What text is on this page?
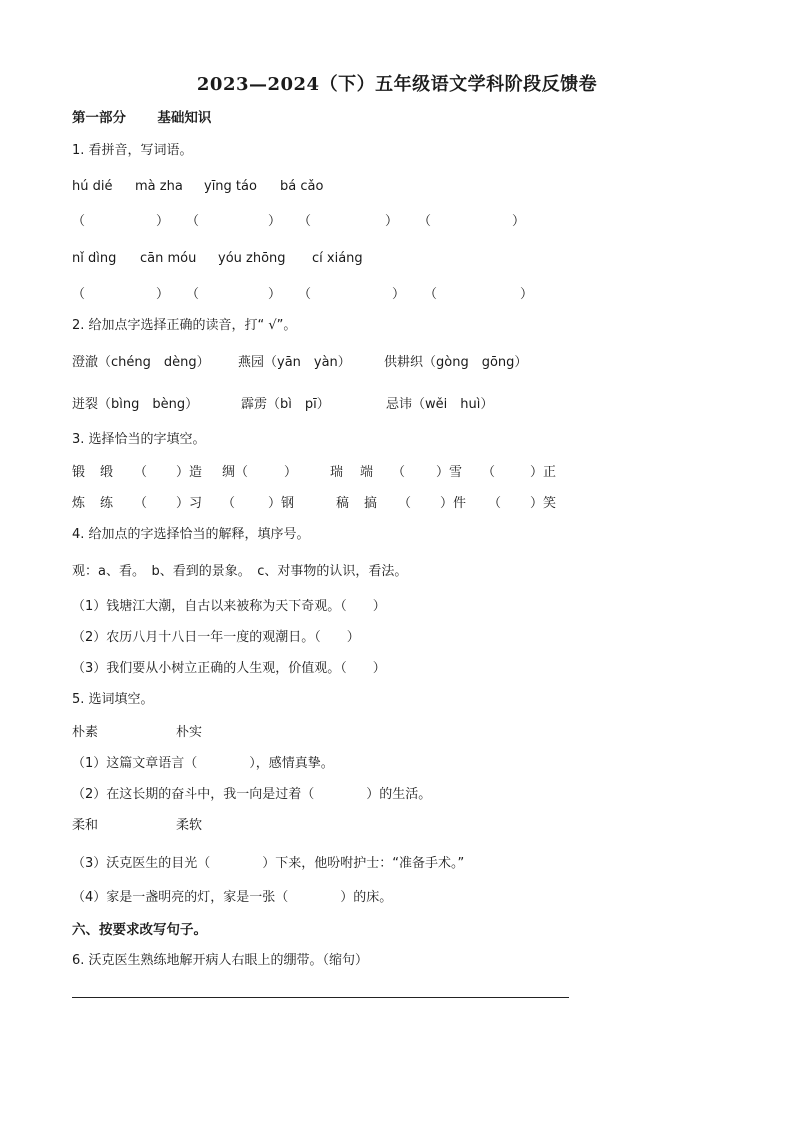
2023—2024（下）五年级语文学科阶段反馈卷
第一部分 基础知识
1. 看拼音，写词语。
hú dié mà zha yīng táo bá cǎo
（	） （	） （	） （	）
nǐ dìng cān móu yóu zhōng cí xiáng
（	） （	） （	） （	）
2. 给加点字选择正确的读音，打“ √”。
澄澈（chéng　dèng） 燕园（yān　yàn）	供耕织（gòng　gōng）
迸裂（bìng　bèng）	霹雳（bì　pī）	忌讳（wěi　huì）
3. 选择恰当的字填空。
锻 缎 （ ）造 绸（	）	瑞 端 （ ）雪 （	）正
炼 练 （ ）习 （	）钢	稿 搞 （ ）件 （ ）笑
4. 给加点的字选择恰当的解释，填序号。
观：a、看。　b、看到的景象。　c、对事物的认识，看法。
（1）钱塘江大潮，自古以来被称为天下奇观。（　　）
（2）农历八月十八日一年一度的观潮日。（　　）
（3）我们要从小树立正确的人生观，价值观。（　　）
5. 选词填空。
朴素	朴实
（1）这篇文章语言（　　　　），感情真挚。
（2）在这长期的奋斗中，我一向是过着（　　　　）的生活。
柔和	柔软
（3）沃克医生的目光（　　　　）下来，他吩咐护士：“准备手术。”
（4）家是一盏明亮的灯，家是一张（　　　　）的床。
六、按要求改写句子。
6. 沃克医生熟练地解开病人右眼上的绷带。（缩句）
